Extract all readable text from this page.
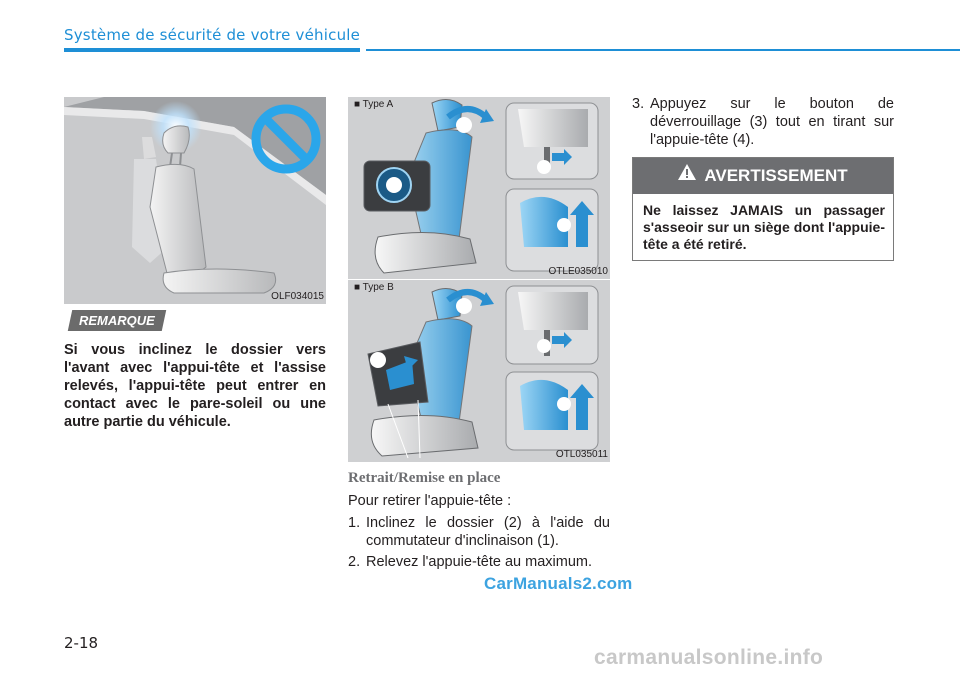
Système de sécurité de votre véhicule
OLF034015
■ Type A
OTLE035010
■ Type B
OTL035011
REMARQUE
Si vous inclinez le dossier vers l'avant avec l'appui-tête et l'assise relevés, l'appui-tête peut entrer en contact avec le pare-soleil ou une autre partie du véhicule.
Retrait/Remise en place
Pour retirer l'appuie-tête :
1. Inclinez le dossier (2) à l'aide du commutateur d'inclinaison (1).
2. Relevez l'appuie-tête au maximum.
3. Appuyez sur le bouton de déverrouillage (3) tout en tirant sur l'appuie-tête (4).
AVERTISSEMENT
Ne laissez JAMAIS un passager s'asseoir sur un siège dont l'appuie-tête a été retiré.
CarManuals2.com
2-18
carmanualsonline.info
